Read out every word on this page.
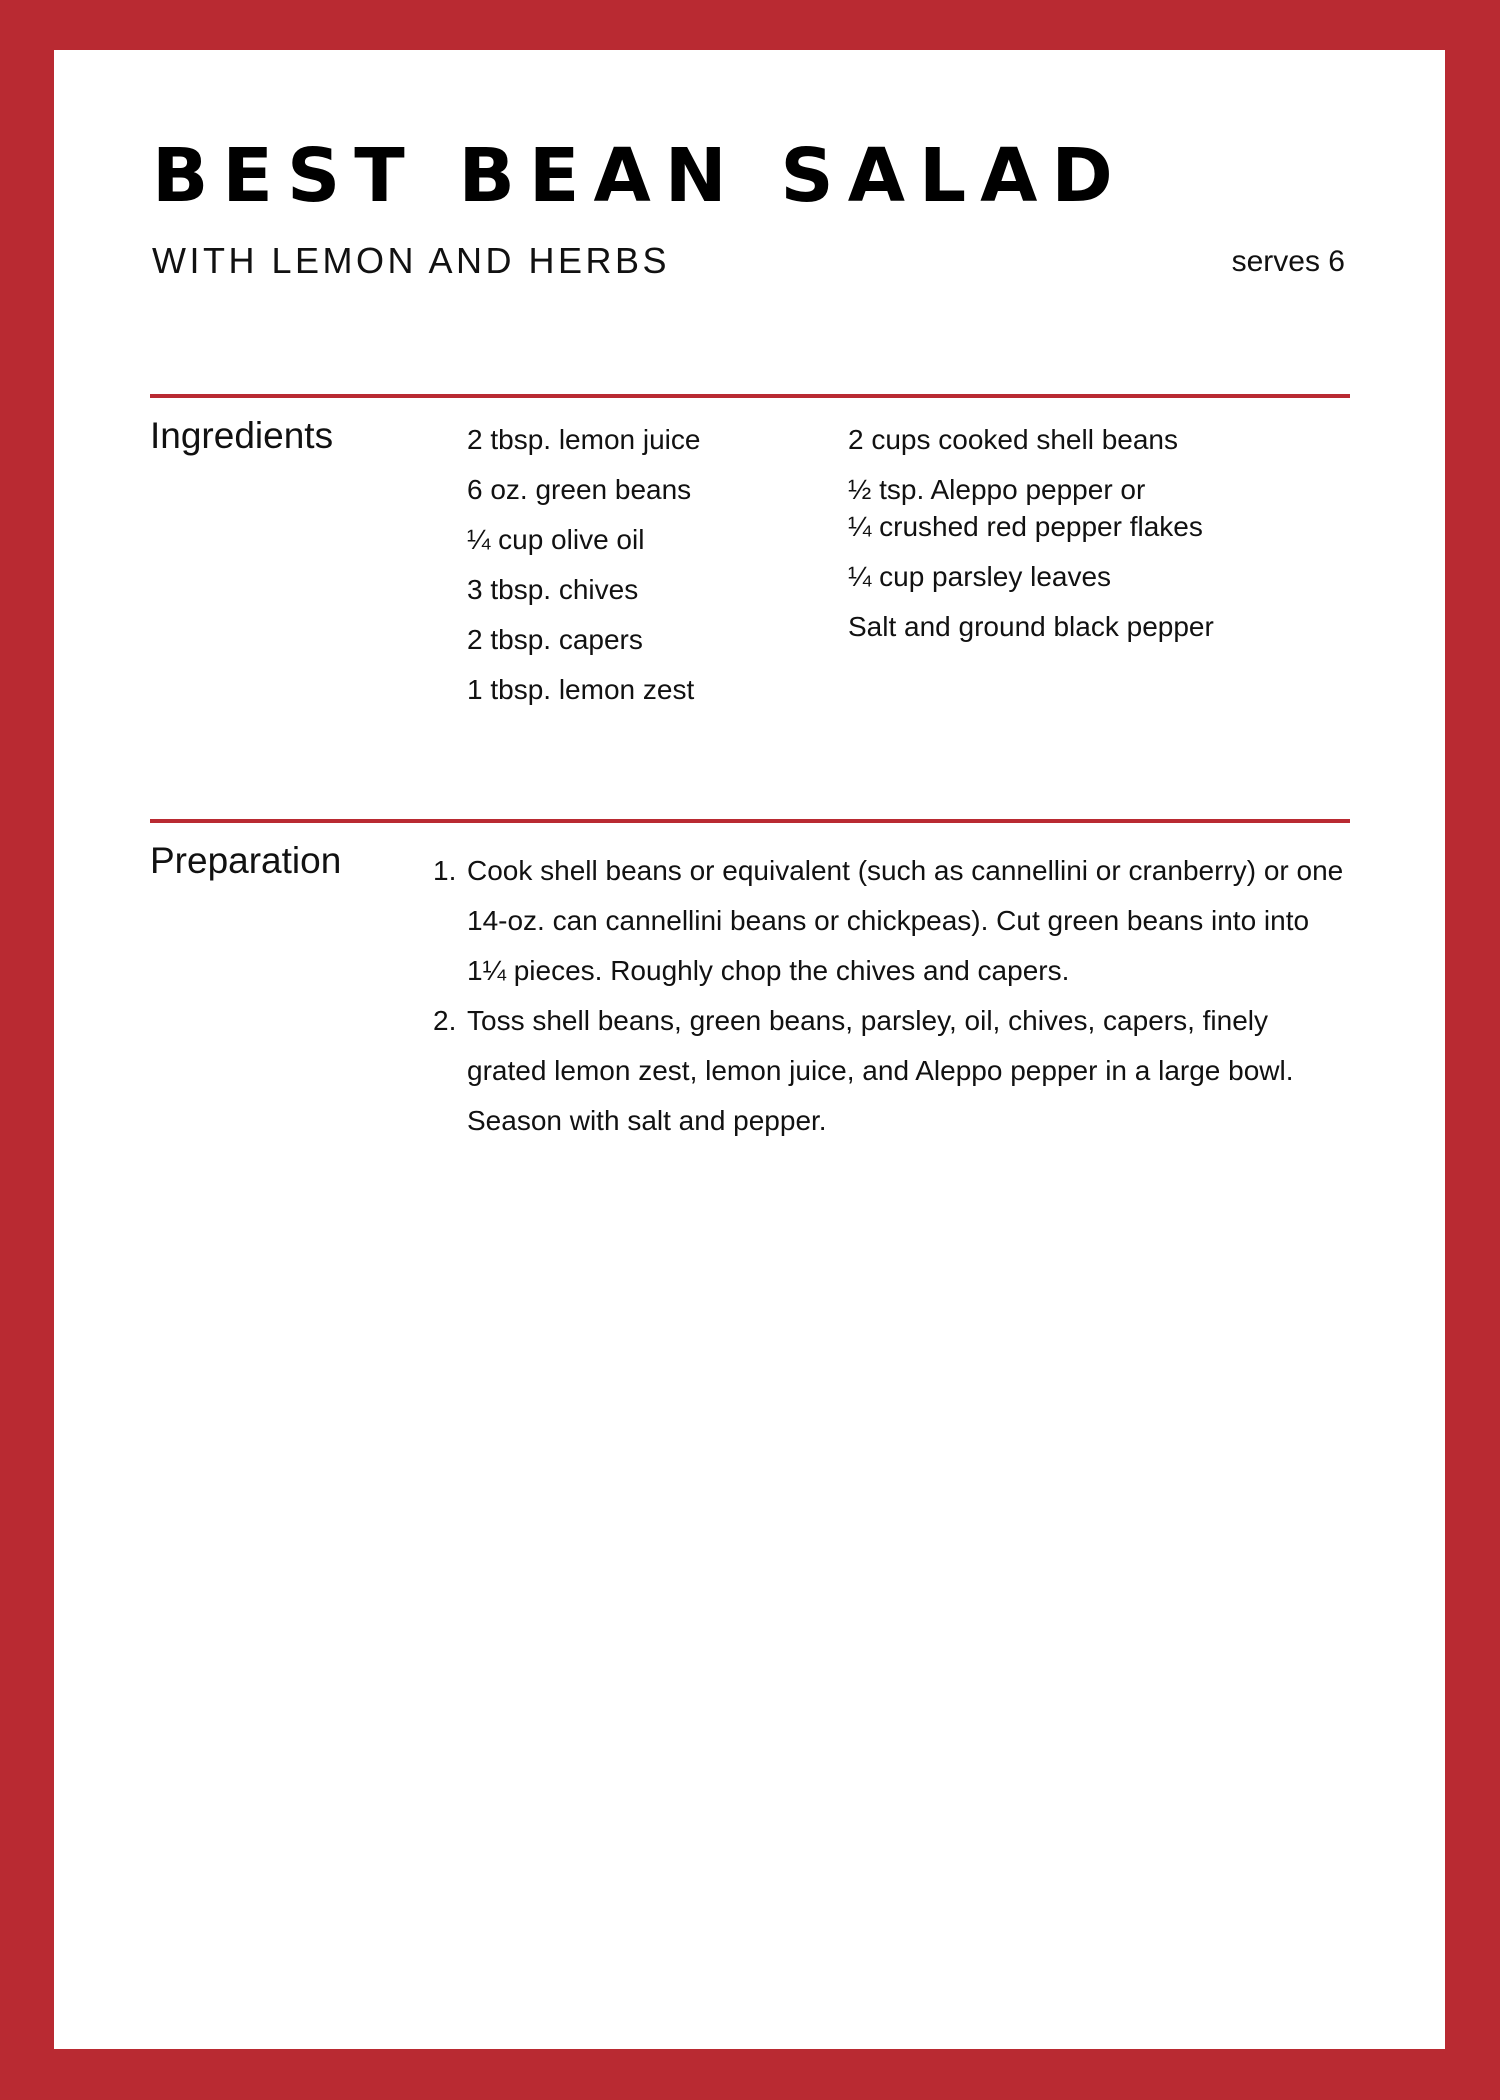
BEST BEAN SALAD
WITH LEMON AND HERBS	serves 6
Ingredients	2 tbsp. lemon juice
6 oz. green beans
¼ cup olive oil
3 tbsp. chives
2 tbsp. capers
1 tbsp. lemon zest
2 cups cooked shell beans
½ tsp. Aleppo pepper or
¼ crushed red pepper flakes
¼ cup parsley leaves
Salt and ground black pepper
Preparation	1. Cook shell beans or equivalent (such as cannellini or cranberry) or one 14-oz. can cannellini beans or chickpeas). Cut green beans into into 1¼ pieces. Roughly chop the chives and capers.
2. Toss shell beans, green beans, parsley, oil, chives, capers, finely grated lemon zest, lemon juice, and Aleppo pepper in a large bowl. Season with salt and pepper.
